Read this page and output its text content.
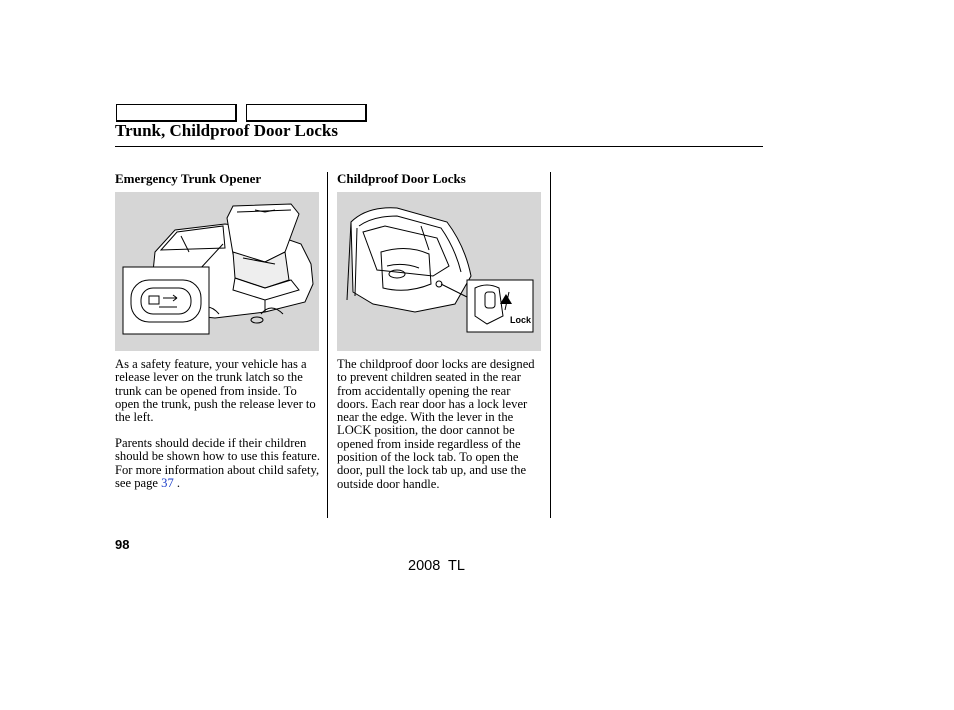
Trunk, Childproof Door Locks
Emergency Trunk Opener

As a safety feature, your vehicle has a release lever on the trunk latch so the trunk can be opened from inside. To open the trunk, push the release lever to the left.

Parents should decide if their children should be shown how to use this feature. For more information about child safety, see page 37 .

Childproof Door Locks
Lock

The childproof door locks are designed to prevent children seated in the rear from accidentally opening the rear doors. Each rear door has a lock lever near the edge. With the lever in the LOCK position, the door cannot be opened from inside regardless of the position of the lock tab. To open the door, pull the lock tab up, and use the outside door handle.

98
2008  TL
